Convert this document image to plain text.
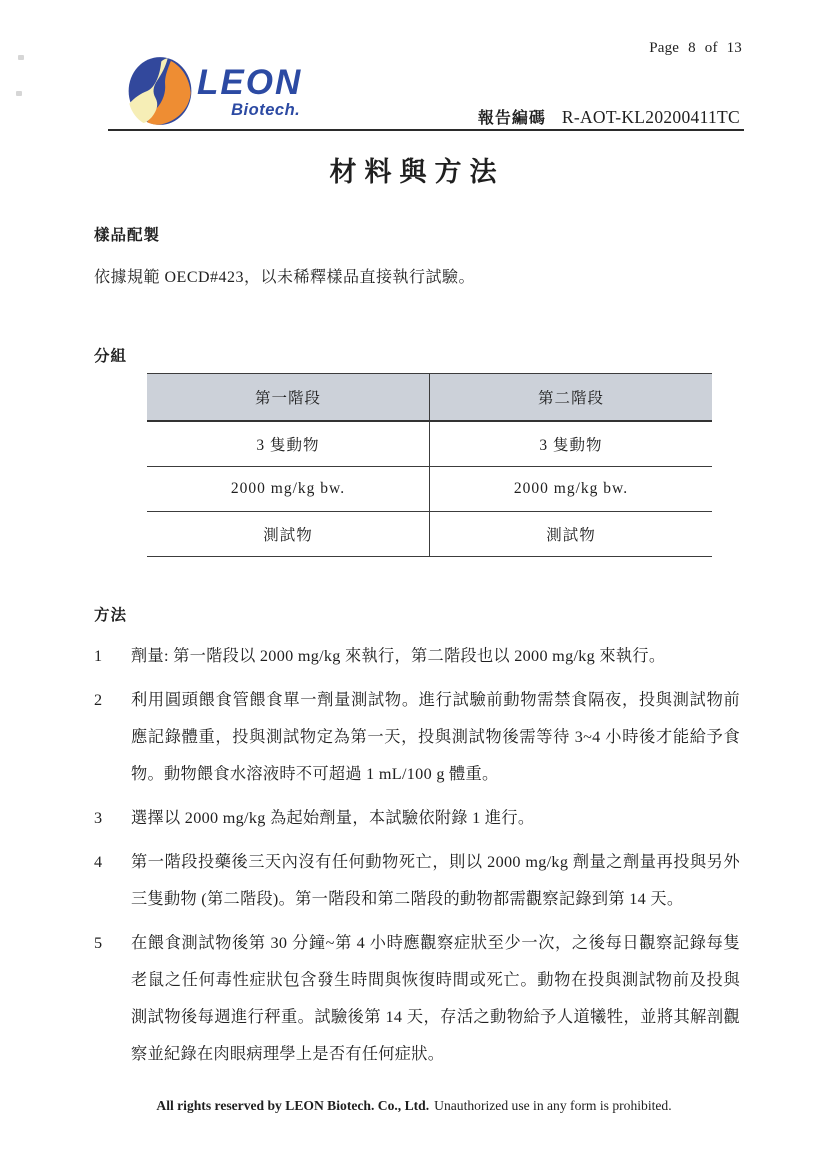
Page 8 of 13
LEON
Biotech.	報告編碼 R-AOT-KL20200411TC
材料與方法
樣品配製
依據規範 OECD#423，以未稀釋樣品直接執行試驗。
分組
第一階段	第二階段
3 隻動物	3 隻動物
2000 mg/kg bw.	2000 mg/kg bw.
測試物	測試物
方法
1	劑量: 第一階段以 2000 mg/kg 來執行，第二階段也以 2000 mg/kg 來執行。
2	利用圓頭餵食管餵食單一劑量測試物。進行試驗前動物需禁食隔夜，投與測試物前應記錄體重，投與測試物定為第一天，投與測試物後需等待 3~4 小時後才能給予食物。動物餵食水溶液時不可超過 1 mL/100 g 體重。
3	選擇以 2000 mg/kg 為起始劑量，本試驗依附錄 1 進行。
4	第一階段投藥後三天內沒有任何動物死亡，則以 2000 mg/kg 劑量之劑量再投與另外三隻動物 (第二階段)。第一階段和第二階段的動物都需觀察記錄到第 14 天。
5	在餵食測試物後第 30 分鐘~第 4 小時應觀察症狀至少一次，之後每日觀察記錄每隻老鼠之任何毒性症狀包含發生時間與恢復時間或死亡。動物在投與測試物前及投與測試物後每週進行秤重。試驗後第 14 天，存活之動物給予人道犧牲，並將其解剖觀察並紀錄在肉眼病理學上是否有任何症狀。
All rights reserved by LEON Biotech. Co., Ltd. Unauthorized use in any form is prohibited.
